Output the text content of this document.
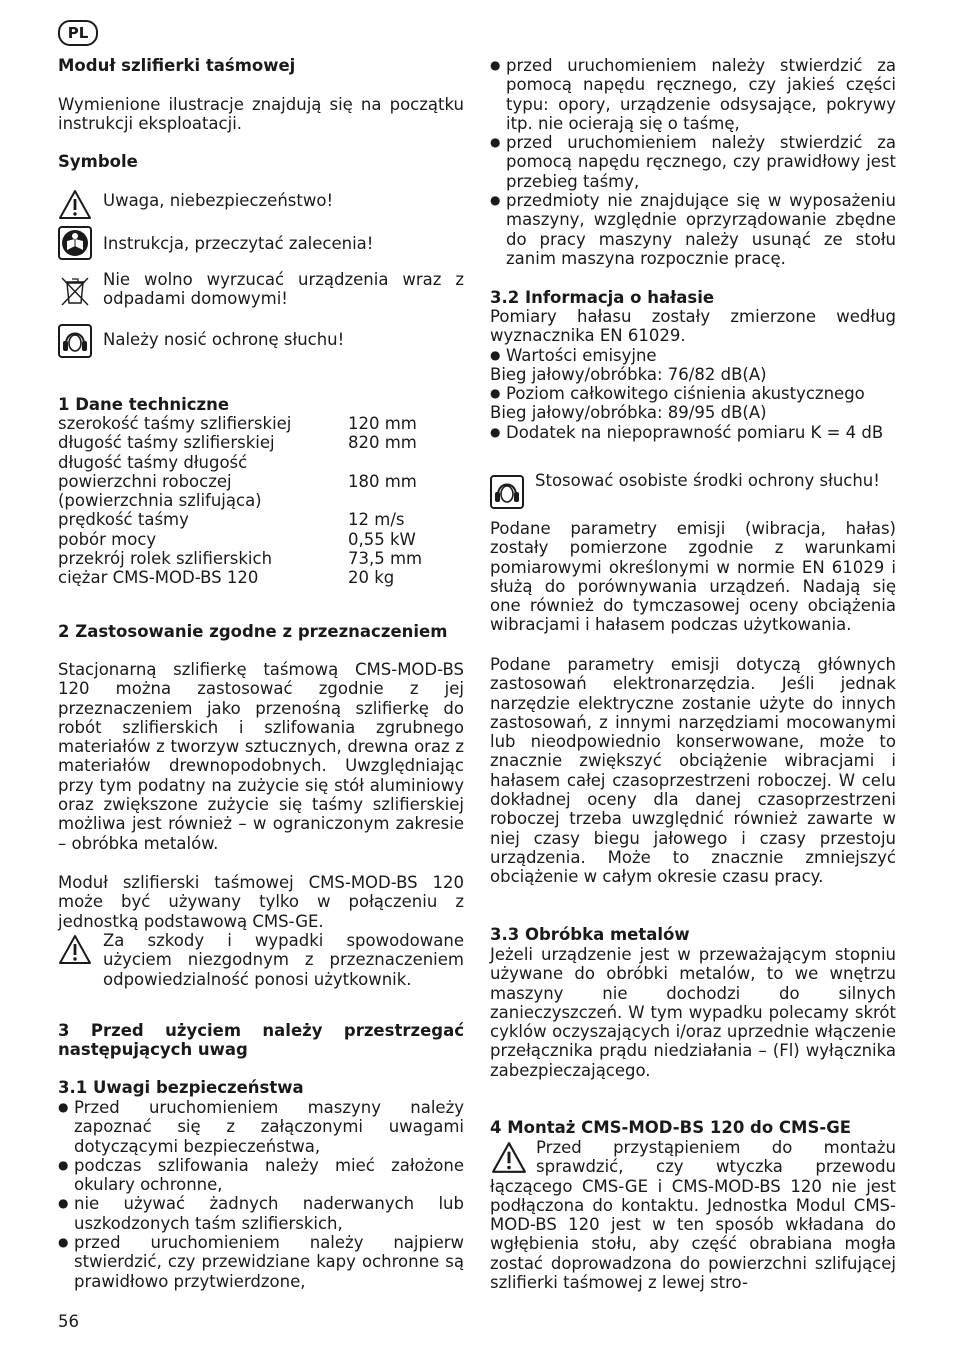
PL
Moduł szlifierki taśmowej

Wymienione ilustracje znajdują się na początku instrukcji eksploatacji.

Symbole
Uwaga, niebezpieczeństwo!
Instrukcja, przeczytać zalecenia!
Nie wolno wyrzucać urządzenia wraz z odpadami domowymi!
Należy nosić ochronę słuchu!
1 Dane techniczne
szerokość taśmy szlifierskiej	120 mm
długość taśmy szlifierskiej	820 mm
długość taśmy długość	
powierzchni roboczej	180 mm
(powierzchnia szlifująca)	
prędkość taśmy	12 m/s
pobór mocy	0,55 kW
przekrój rolek szlifierskich	73,5 mm
ciężar CMS-MOD-BS 120	20 kg
2 Zastosowanie zgodne z przeznaczeniem

Stacjonarną szlifierkę taśmową CMS-MOD-BS 120 można zastosować zgodnie z jej przeznaczeniem jako przenośną szlifierkę do robót szlifierskich i szlifowania zgrubnego materiałów z tworzyw sztucznych, drewna oraz z materiałów drewnopodobnych. Uwzględniając przy tym podatny na zużycie się stół aluminiowy oraz zwiększone zużycie się taśmy szlifierskiej możliwa jest również – w ograniczonym zakresie – obróbka metalów.

Moduł szlifierski taśmowej CMS-MOD-BS 120 może być używany tylko w połączeniu z jednostką podstawową CMS-GE.

Za szkody i wypadki spowodowane użyciem niezgodnym z przeznaczeniem odpowiedzialność ponosi użytkownik.
3 Przed użyciem należy przestrzegać następujących uwag
3.1 Uwagi bezpieczeństwa
● Przed uruchomieniem maszyny należy zapoznać się z załączonymi uwagami dotyczącymi bezpieczeństwa,
● podczas szlifowania należy mieć założone okulary ochronne,
● nie używać żadnych naderwanych lub uszkodzonych taśm szlifierskich,
● przed uruchomieniem należy najpierw stwierdzić, czy przewidziane kapy ochronne są prawidłowo przytwierdzone,
56
● przed uruchomieniem należy stwierdzić za pomocą napędu ręcznego, czy jakieś części typu: opory, urządzenie odsysające, pokrywy itp. nie ocierają się o taśmę,
● przed uruchomieniem należy stwierdzić za pomocą napędu ręcznego, czy prawidłowy jest przebieg taśmy,
● przedmioty nie znajdujące się w wyposażeniu maszyny, względnie oprzyrządowanie zbędne do pracy maszyny należy usunąć ze stołu zanim maszyna rozpocznie pracę.
3.2 Informacja o hałasie

Pomiary hałasu zostały zmierzone według wyznacznika EN 61029.

● Wartości emisyjne
Bieg jałowy/obróbka: 76/82 dB(A)
● Poziom całkowitego ciśnienia akustycznego
Bieg jałowy/obróbka: 89/95 dB(A)
● Dodatek na niepoprawność pomiaru K = 4 dB
Stosować osobiste środki ochrony słuchu!

Podane parametry emisji (wibracja, hałas) zostały pomierzone zgodnie z warunkami pomiarowymi określonymi w normie EN 61029 i służą do porównywania urządzeń. Nadają się one również do tymczasowej oceny obciążenia wibracjami i hałasem podczas użytkowania.

Podane parametry emisji dotyczą głównych zastosowań elektronarzędzia. Jeśli jednak narzędzie elektryczne zostanie użyte do innych zastosowań, z innymi narzędziami mocowanymi lub nieodpowiednio konserwowane, może to znacznie zwiększyć obciążenie wibracjami i hałasem całej czasoprzestrzeni roboczej. W celu dokładnej oceny dla danej czasoprzestrzeni roboczej trzeba uwzględnić również zawarte w niej czasy biegu jałowego i czasy przestoju urządzenia. Może to znacznie zmniejszyć obciążenie w całym okresie czasu pracy.

3.3 Obróbka metalów

Jeżeli urządzenie jest w przeważającym stopniu używane do obróbki metalów, to we wnętrzu maszyny nie dochodzi do silnych zanieczyszczeń. W tym wypadku polecamy skrót cyklów oczyszających i/oraz uprzednie włączenie przełącznika prądu niedziałania – (Fl) wyłącznika zabezpieczającego.

4 Montaż CMS-MOD-BS 120 do CMS-GE

Przed przystąpieniem do montażu sprawdzić, czy wtyczka przewodu łączącego CMS-GE i CMS-MOD-BS 120 nie jest podłączona do kontaktu. Jednostka Modul CMS-MOD-BS 120 jest w ten sposób wkładana do wgłębienia stołu, aby część obrabiana mogła zostać doprowadzona do powierzchni szlifującej szlifierki taśmowej z lewej stro-
